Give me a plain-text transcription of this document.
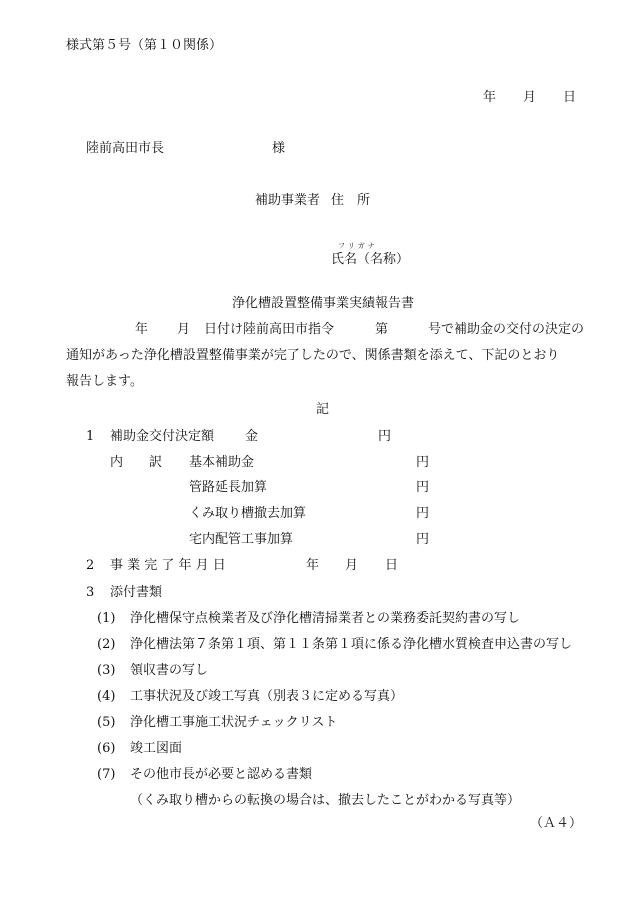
様式第５号（第１０関係）
年 月 日
陸前高田市長	様
補助事業者 住　所
フリガナ
氏名（名称）
浄化槽設置整備事業実績報告書
年 月 日付け陸前高田市指令	第	号で補助金の交付の決定の
通知があった浄化槽設置整備事業が完了したので、関係書類を添えて、下記のとおり
報告します。
記
1 補助金交付決定額 金	円
内　　訳 基本補助金	円
管路延長加算	円
くみ取り槽撤去加算	円
宅内配管工事加算	円
2 事 業 完 了 年 月 日	年 月 日
3 添付書類
(1) 浄化槽保守点検業者及び浄化槽清掃業者との業務委託契約書の写し
(2) 浄化槽法第７条第１項、第１１条第１項に係る浄化槽水質検査申込書の写し
(3) 領収書の写し
(4) 工事状況及び竣工写真（別表３に定める写真）
(5) 浄化槽工事施工状況チェックリスト
(6) 竣工図面
(7) その他市長が必要と認める書類
（くみ取り槽からの転換の場合は、撤去したことがわかる写真等）
（Ａ４）
